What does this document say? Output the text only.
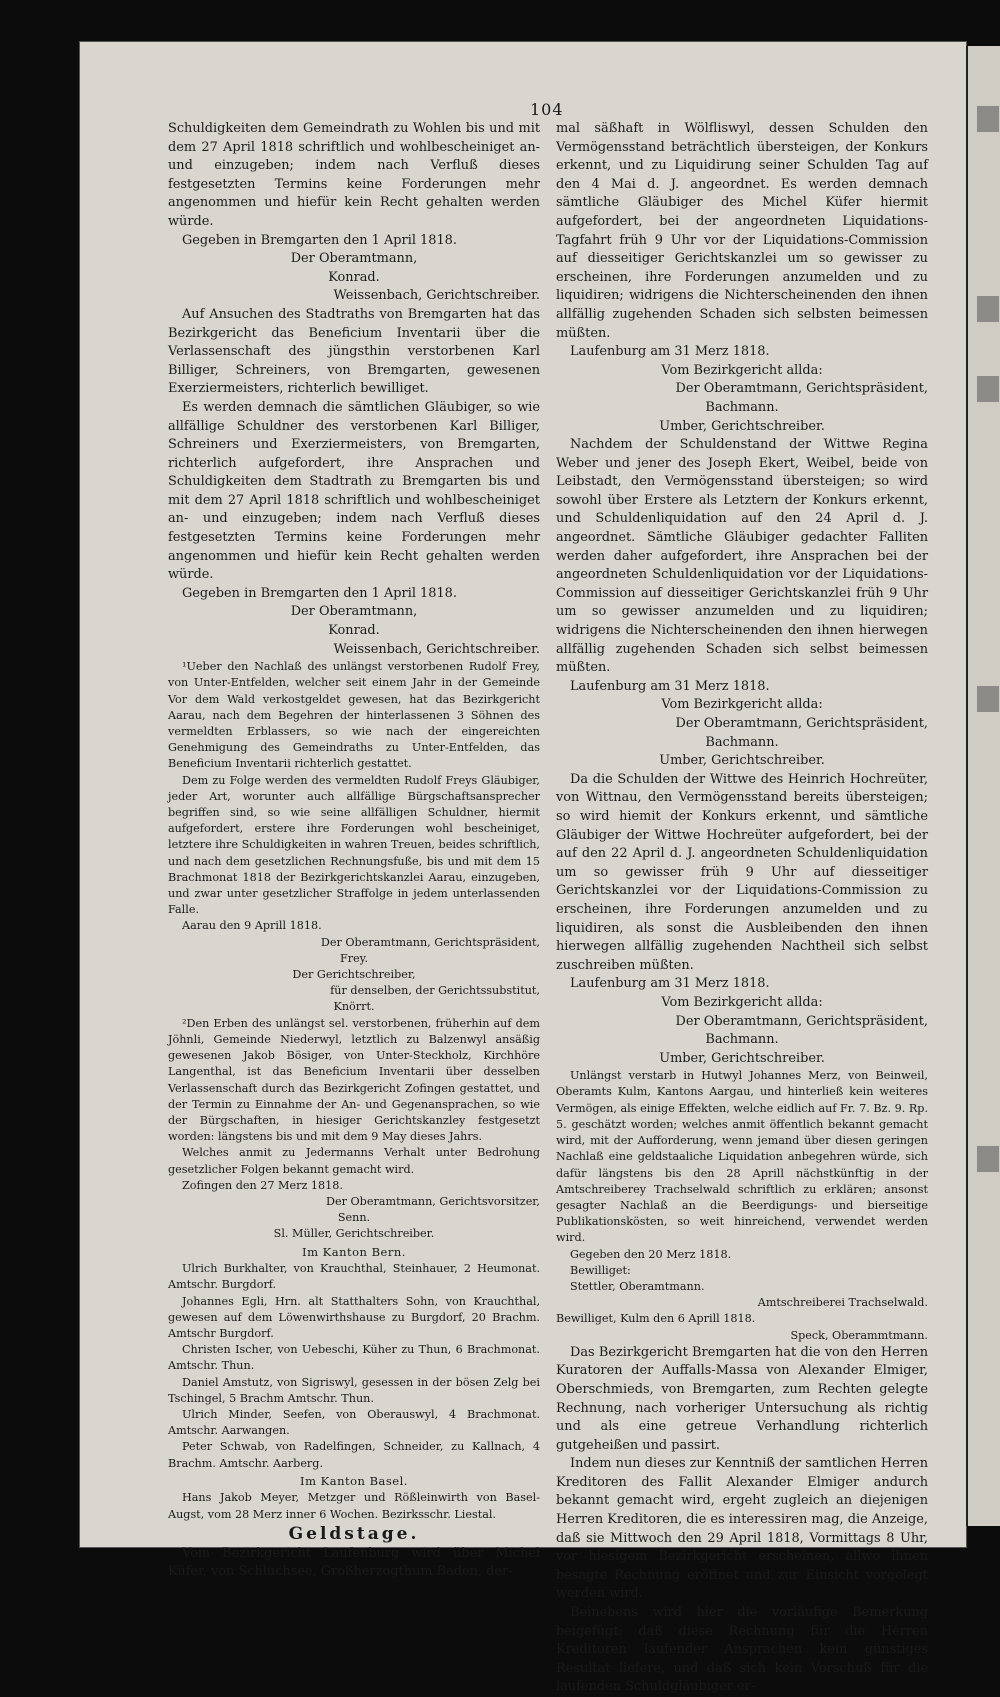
104

Schuldigkeiten dem Gemeindrath zu Wohlen bis und mit dem 27 April 1818 schriftlich und wohlbescheiniget an- und einzugeben; indem nach Verfluß dieses festgesetzten Termins keine Forderungen mehr angenommen und hiefür kein Recht gehalten werden würde.

Gegeben in Bremgarten den 1 April 1818.

Der Oberamtmann,

Konrad.

Weissenbach, Gerichtschreiber.

Auf Ansuchen des Stadtraths von Bremgarten hat das Bezirkgericht das Beneficium Inventarii über die Verlassenschaft des jüngsthin verstorbenen Karl Billiger, Schreiners, von Bremgarten, gewesenen Exerziermeisters, richterlich bewilliget.

Es werden demnach die sämtlichen Gläubiger, so wie allfällige Schuldner des verstorbenen Karl Billiger, Schreiners und Exerziermeisters, von Bremgarten, richterlich aufgefordert, ihre Ansprachen und Schuldigkeiten dem Stadtrath zu Bremgarten bis und mit dem 27 April 1818 schriftlich und wohlbescheiniget an- und einzugeben; indem nach Verfluß dieses festgesetzten Termins keine Forderungen mehr angenommen und hiefür kein Recht gehalten werden würde.

Gegeben in Bremgarten den 1 April 1818.

Der Oberamtmann,

Konrad.

Weissenbach, Gerichtschreiber.

¹Ueber den Nachlaß des unlängst verstorbenen Rudolf Frey, von Unter-Entfelden, welcher seit einem Jahr in der Gemeinde Vor dem Wald verkostgeldet gewesen, hat das Bezirkgericht Aarau, nach dem Begehren der hinterlassenen 3 Söhnen des vermeldten Erblassers, so wie nach der eingereichten Genehmigung des Gemeindraths zu Unter-Entfelden, das Beneficium Inventarii richterlich gestattet.

Dem zu Folge werden des vermeldten Rudolf Freys Gläubiger, jeder Art, worunter auch allfällige Bürgschaftsansprecher begriffen sind, so wie seine allfälligen Schuldner, hiermit aufgefordert, erstere ihre Forderungen wohl bescheiniget, letztere ihre Schuldigkeiten in wahren Treuen, beides schriftlich, und nach dem gesetzlichen Rechnungsfuße, bis und mit dem 15 Brachmonat 1818 der Bezirkgerichtskanzlei Aarau, einzugeben, und zwar unter gesetzlicher Straffolge in jedem unterlassenden Falle.

Aarau den 9 Aprill 1818.

Der Oberamtmann, Gerichtspräsident,

Frey.

Der Gerichtschreiber,

für denselben, der Gerichtssubstitut,

Knörrt.

²Den Erben des unlängst sel. verstorbenen, früherhin auf dem Jöhnli, Gemeinde Niederwyl, letztlich zu Balzenwyl ansäßig gewesenen Jakob Bösiger, von Unter-Steckholz, Kirchhöre Langenthal, ist das Beneficium Inventarii über desselben Verlassenschaft durch das Bezirkgericht Zofingen gestattet, und der Termin zu Einnahme der An- und Gegenansprachen, so wie der Bürgschaften, in hiesiger Gerichtskanzley festgesetzt worden: längstens bis und mit dem 9 May dieses Jahrs.

Welches anmit zu Jedermanns Verhalt unter Bedrohung gesetzlicher Folgen bekannt gemacht wird.

Zofingen den 27 Merz 1818.

Der Oberamtmann, Gerichtsvorsitzer,

Senn.

Sl. Müller, Gerichtschreiber.

Im Kanton Bern.

Ulrich Burkhalter, von Krauchthal, Steinhauer, 2 Heumonat. Amtschr. Burgdorf.

Johannes Egli, Hrn. alt Statthalters Sohn, von Krauchthal, gewesen auf dem Löwenwirthshause zu Burgdorf, 20 Brachm. Amtschr Burgdorf.

Christen Ischer, von Uebeschi, Küher zu Thun, 6 Brachmonat. Amtschr. Thun.

Daniel Amstutz, von Sigriswyl, gesessen in der bösen Zelg bei Tschingel, 5 Brachm Amtschr. Thun.

Ulrich Minder, Seefen, von Oberauswyl, 4 Brachmonat. Amtschr. Aarwangen.

Peter Schwab, von Radelfingen, Schneider, zu Kallnach, 4 Brachm. Amtschr. Aarberg.

Im Kanton Basel.

Hans Jakob Meyer, Metzger und Rößleinwirth von Basel-Augst, vom 28 Merz inner 6 Wochen. Bezirksschr. Liestal.

Geldstage.

Vom Bezirkgericht Laufenburg wird über Michel Küfer, von Schluchsee, Großherzogthum Baden, der-

mal säßhaft in Wölfliswyl, dessen Schulden den Vermögensstand beträchtlich übersteigen, der Konkurs erkennt, und zu Liquidirung seiner Schulden Tag auf den 4 Mai d. J. angeordnet. Es werden demnach sämtliche Gläubiger des Michel Küfer hiermit aufgefordert, bei der angeordneten Liquidations-Tagfahrt früh 9 Uhr vor der Liquidations-Commission auf diesseitiger Gerichtskanzlei um so gewisser zu erscheinen, ihre Forderungen anzumelden und zu liquidiren; widrigens die Nichterscheinenden den ihnen allfällig zugehenden Schaden sich selbsten beimessen müßten.

Laufenburg am 31 Merz 1818.

Vom Bezirkgericht allda:

Der Oberamtmann, Gerichtspräsident,

Bachmann.

Umber, Gerichtschreiber.

Nachdem der Schuldenstand der Wittwe Regina Weber und jener des Joseph Ekert, Weibel, beide von Leibstadt, den Vermögensstand übersteigen; so wird sowohl über Erstere als Letztern der Konkurs erkennt, und Schuldenliquidation auf den 24 April d. J. angeordnet. Sämtliche Gläubiger gedachter Falliten werden daher aufgefordert, ihre Ansprachen bei der angeordneten Schuldenliquidation vor der Liquidations-Commission auf diesseitiger Gerichtskanzlei früh 9 Uhr um so gewisser anzumelden und zu liquidiren; widrigens die Nichterscheinenden den ihnen hierwegen allfällig zugehenden Schaden sich selbst beimessen müßten.

Laufenburg am 31 Merz 1818.

Vom Bezirkgericht allda:

Der Oberamtmann, Gerichtspräsident,

Bachmann.

Umber, Gerichtschreiber.

Da die Schulden der Wittwe des Heinrich Hochreüter, von Wittnau, den Vermögensstand bereits übersteigen; so wird hiemit der Konkurs erkennt, und sämtliche Gläubiger der Wittwe Hochreüter aufgefordert, bei der auf den 22 April d. J. angeordneten Schuldenliquidation um so gewisser früh 9 Uhr auf diesseitiger Gerichtskanzlei vor der Liquidations-Commission zu erscheinen, ihre Forderungen anzumelden und zu liquidiren, als sonst die Ausbleibenden den ihnen hierwegen allfällig zugehenden Nachtheil sich selbst zuschreiben müßten.

Laufenburg am 31 Merz 1818.

Vom Bezirkgericht allda:

Der Oberamtmann, Gerichtspräsident,

Bachmann.

Umber, Gerichtschreiber.

Unlängst verstarb in Hutwyl Johannes Merz, von Beinweil, Oberamts Kulm, Kantons Aargau, und hinterließ kein weiteres Vermögen, als einige Effekten, welche eidlich auf Fr. 7. Bz. 9. Rp. 5. geschätzt worden; welches anmit öffentlich bekannt gemacht wird, mit der Aufforderung, wenn jemand über diesen geringen Nachlaß eine geldstaaliche Liquidation anbegehren würde, sich dafür längstens bis den 28 Aprill nächstkünftig in der Amtschreiberey Trachselwald schriftlich zu erklären; ansonst gesagter Nachlaß an die Beerdigungs- und bierseitige Publikationskösten, so weit hinreichend, verwendet werden wird.

Gegeben den 20 Merz 1818.

Bewilliget:

Stettler, Oberamtmann.

Amtschreiberei Trachselwald.

Bewilliget, Kulm den 6 Aprill 1818.

Speck, Oberammtmann.

Das Bezirkgericht Bremgarten hat die von den Herren Kuratoren der Auffalls-Massa von Alexander Elmiger, Oberschmieds, von Bremgarten, zum Rechten gelegte Rechnung, nach vorheriger Untersuchung als richtig und als eine getreue Verhandlung richterlich gutgeheißen und passirt.

Indem nun dieses zur Kenntniß der samtlichen Herren Kreditoren des Fallit Alexander Elmiger andurch bekannt gemacht wird, ergeht zugleich an diejenigen Herren Kreditoren, die es interessiren mag, die Anzeige, daß sie Mittwoch den 29 April 1818, Vormittags 8 Uhr, vor hiesigem Bezirkgericht erscheinen, allwo ihnen besagte Rechnung eröffnet und zur Einsicht vorgelegt werden wird.

Beinebens wird hier die vorläufige Bemerkung beigefügt: daß diese Rechnung für die Herren Kreditoren laufender Ansprachen kein günstiges Resultat liefere, und daß sich kein Vorschuß für die laufenden Schuldgläubiger er-
